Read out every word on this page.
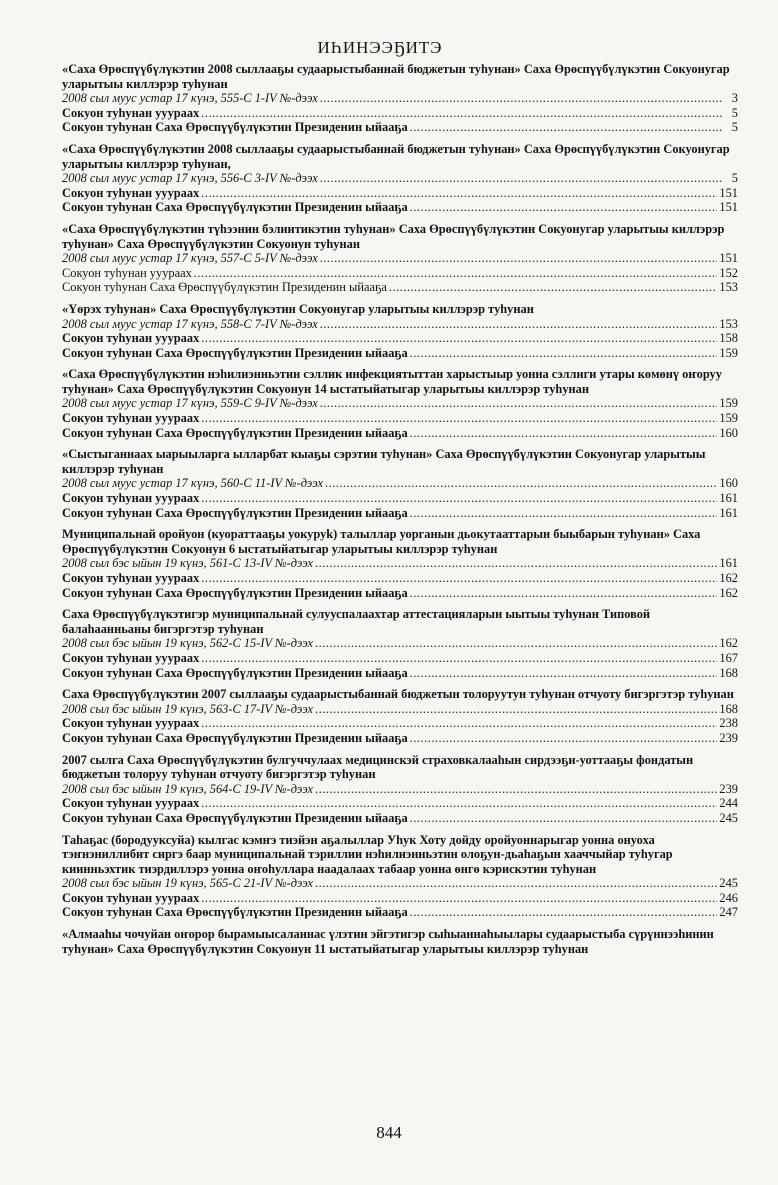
ИҺИНЭЭҔИТЭ
«Саха Өрөспүүбүлүкэтин 2008 сыллааҕы судаарыстыбаннай бюджетын туһунан» Саха Өрөспүүбүлүкэтин Сокуонугар уларытыы киллэрэр туһунан
2008 сыл муус устар 17 күнэ, 555-С 1-IV №-дээх .....	3
Сокуон туһунан ууураах .....	5
Сокуон туһунан Саха Өрөспүүбүлүкэтин Президенин ыйааҕа .....	5
«Саха Өрөспүүбүлүкэтин 2008 сыллааҕы судаарыстыбаннай бюджетын туһунан» Саха Өрөспүүбүлүкэтин Сокуонугар уларытыы киллэрэр туһунан,
2008 сыл муус устар 17 күнэ, 556-С 3-IV №-дээх .....	5
Сокуон туһунан ууураах .....	151
Сокуон туһунан Саха Өрөспүүбүлүкэтин Президенин ыйааҕа .....	151
«Саха Өрөспүүбүлүкэтин түһээнин бэлиитикэтин туһунан» Саха Өрөспүүбүлүкэтин Сокуонугар уларытыы киллэрэр туһунан» Саха Өрөспүүбүлүкэтин Сокуонун туһунан
2008 сыл муус устар 17 күнэ, 557-С 5-IV №-дээх .....	151
Сокуон туһунан ууураах .....	152
Сокуон туһунан Саха Өрөспүүбүлүкэтин Президенин ыйааҕа .....	153
«Үөрэх туһунан» Саха Өрөспүүбүлүкэтин Сокуонугар уларытыы киллэрэр туһунан
2008 сыл муус устар 17 күнэ, 558-С 7-IV №-дээх .....	153
Сокуон туһунан ууураах .....	158
Сокуон туһунан Саха Өрөспүүбүлүкэтин Президенин ыйааҕа .....	159
«Саха Өрөспүүбүлүкэтин нэһилиэнньэтин сэллик инфекциятыттан харыстыыр уонна сэллиги утары көмөнү оҥоруу туһунан» Саха Өрөспүүбүлүкэтин Сокуонун 14 ыстатыйатыгар уларытыы киллэрэр туһунан
2008 сыл муус устар 17 күнэ, 559-С 9-IV №-дээх .....	159
Сокуон туһунан ууураах .....	159
Сокуон туһунан Саха Өрөспүүбүлүкэтин Президенин ыйааҕа .....	160
«Сыстыганнаах ыарыыларга ылларбат кыаҕы сэрэтии туһунан» Саха Өрөспүүбүлүкэтин Сокуонугар уларытыы киллэрэр туһунан
2008 сыл муус устар 17 күнэ, 560-С 11-IV №-дээх .....	160
Сокуон туһунан ууураах .....	161
Сокуон туһунан Саха Өрөспүүбүлүкэтин Президенин ыйааҕа .....	161
Муниципальнай оройуон (куораттааҕы уокуруk) талыллар уорганын дьокутааттарын быыбарын туһунан» Саха Өрөспүүбүлүкэтин Сокуонун 6 ыстатыйатыгар уларытыы киллэрэр туһунан
2008 сыл бэс ыйын 19 күнэ, 561-С 13-IV №-дээх .....	161
Сокуон туһунан ууураах .....	162
Сокуон туһунан Саха Өрөспүүбүлүкэтин Президенин ыйааҕа .....	162
Саха Өрөспүүбүлүкэтигэр муниципальнай сулууспалаахтар аттестацияларын ыытыы туһунан Типовой балаһаанньаны бигэргэтэр туһунан
2008 сыл бэс ыйын 19 күнэ, 562-С 15-IV №-дээх .....	162
Сокуон туһунан ууураах .....	167
Сокуон туһунан Саха Өрөспүүбүлүкэтин Президенин ыйааҕа .....	168
Саха Өрөспүүбүлүкэтин 2007 сыллааҕы судаарыстыбаннай бюджетын толоруутун туһунан отчуоту бигэргэтэр туһунан
2008 сыл бэс ыйын 19 күнэ, 563-С 17-IV №-дээх .....	168
Сокуон туһунан ууураах .....	238
Сокуон туһунан Саха Өрөспүүбүлүкэтин Президенин ыйааҕа .....	239
2007 сылга Саха Өрөспүүбүлүкэтин булгуччулаах медицинскэй страховкалааһын сирдээҕи-уоттааҕы фондатын бюджетын толоруу туһунан отчуоту бигэргэтэр туһунан
2008 сыл бэс ыйын 19 күнэ, 564-С 19-IV №-дээх .....	239
Сокуон туһунан ууураах .....	244
Сокуон туһунан Саха Өрөспүүбүлүкэтин Президенин ыйааҕа .....	245
Таһаҕас (бородууксуйа) кылгас кэмҥэ тиэйэн аҕалыллар Уһук Хоту дойду оройуоннарыгар уонна онуоха тэҥнэниллибит сиргэ баар муниципальнай тэриллии нэһилиэнньэтин олоҕун-дьаһаҕын хааччыйар туһугар киинньэхтик тиэрдиллэрэ уонна оҥоһуллара наадалаах табаар уонна өнгө кэрискэтин туһунан
2008 сыл бэс ыйын 19 күнэ, 565-С 21-IV №-дээх .....	245
Сокуон туһунан ууураах .....	246
Сокуон туһунан Саха Өрөспүүбүлүкэтин Президенин ыйааҕа .....	247
«Алмааһы чочуйан оҥорор бырамыысаланнас үлэтин эйгэтигэр сыһыаннаһыылары судаарыстыба сүрүннээһинин туһунан» Саха Өрөспүүбүлүкэтин Сокуонун 11 ыстатыйатыгар уларытыы киллэрэр туһунан
844
